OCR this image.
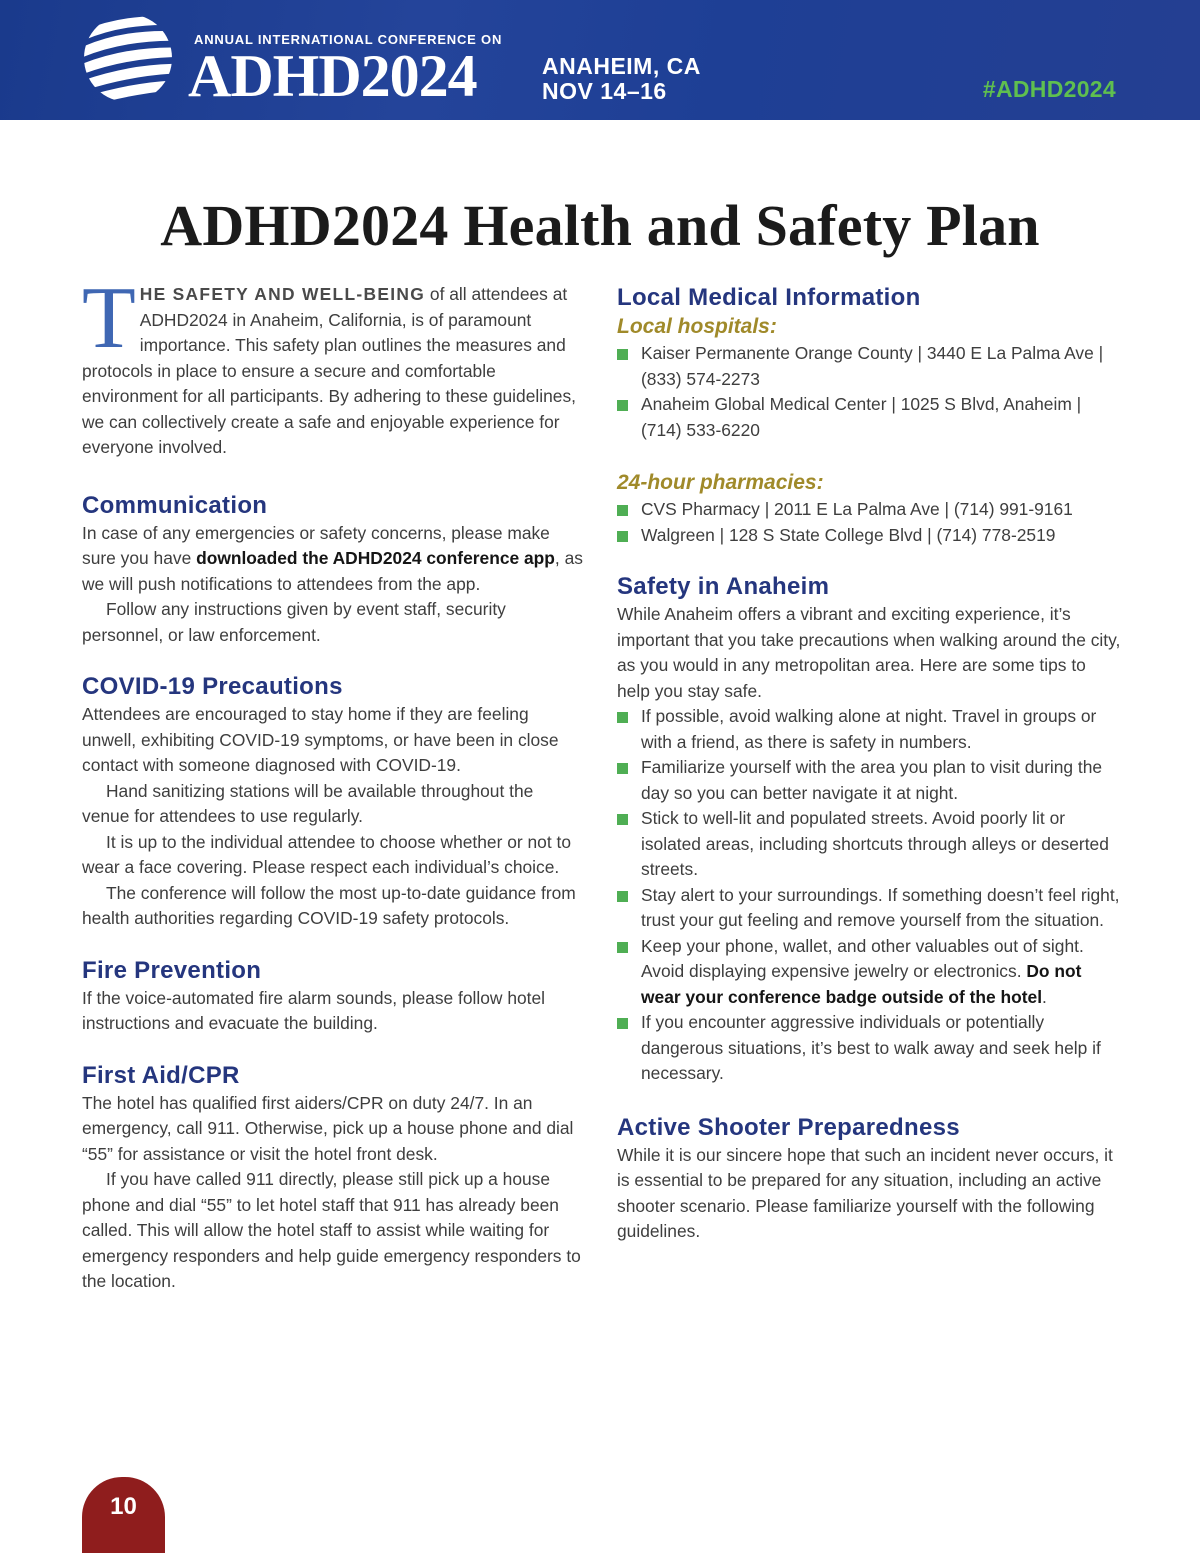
ANNUAL INTERNATIONAL CONFERENCE ON
ADHD2024	ANAHEIM, CA
NOV 14–16	#ADHD2024
ADHD2024 Health and Safety Plan

THE SAFETY AND WELL-BEING of all attendees at ADHD2024 in Anaheim, California, is of paramount importance. This safety plan outlines the measures and protocols in place to ensure a secure and comfortable environment for all participants. By adhering to these guidelines, we can collectively create a safe and enjoyable experience for everyone involved.

Communication

In case of any emergencies or safety concerns, please make sure you have downloaded the ADHD2024 conference app, as we will push notifications to attendees from the app.

Follow any instructions given by event staff, security personnel, or law enforcement.

COVID-19 Precautions

Attendees are encouraged to stay home if they are feeling unwell, exhibiting COVID-19 symptoms, or have been in close contact with someone diagnosed with COVID-19.

Hand sanitizing stations will be available throughout the venue for attendees to use regularly.

It is up to the individual attendee to choose whether or not to wear a face covering. Please respect each individual’s choice.

The conference will follow the most up-to-date guidance from health authorities regarding COVID-19 safety protocols.

Fire Prevention

If the voice-automated fire alarm sounds, please follow hotel instructions and evacuate the building.

First Aid/CPR

The hotel has qualified first aiders/CPR on duty 24/7. In an emergency, call 911. Otherwise, pick up a house phone and dial “55” for assistance or visit the hotel front desk.

If you have called 911 directly, please still pick up a house phone and dial “55” to let hotel staff that 911 has already been called. This will allow the hotel staff to assist while waiting for emergency responders and help guide emergency responders to the location.

Local Medical Information
Local hospitals:
Kaiser Permanente Orange County | 3440 E La Palma Ave | (833) 574-2273
Anaheim Global Medical Center | 1025 S Blvd, Anaheim | (714) 533-6220
24-hour pharmacies:
CVS Pharmacy | 2011 E La Palma Ave | (714) 991-9161
Walgreen | 128 S State College Blvd | (714) 778-2519
Safety in Anaheim

While Anaheim offers a vibrant and exciting experience, it’s important that you take precautions when walking around the city, as you would in any metropolitan area. Here are some tips to help you stay safe.

If possible, avoid walking alone at night. Travel in groups or with a friend, as there is safety in numbers.
Familiarize yourself with the area you plan to visit during the day so you can better navigate it at night.
Stick to well-lit and populated streets. Avoid poorly lit or isolated areas, including shortcuts through alleys or deserted streets.
Stay alert to your surroundings. If something doesn’t feel right, trust your gut feeling and remove yourself from the situation.
Keep your phone, wallet, and other valuables out of sight. Avoid displaying expensive jewelry or electronics. Do not wear your conference badge outside of the hotel.
If you encounter aggressive individuals or potentially dangerous situations, it’s best to walk away and seek help if necessary.
Active Shooter Preparedness

While it is our sincere hope that such an incident never occurs, it is essential to be prepared for any situation, including an active shooter scenario. Please familiarize yourself with the following guidelines.

10
